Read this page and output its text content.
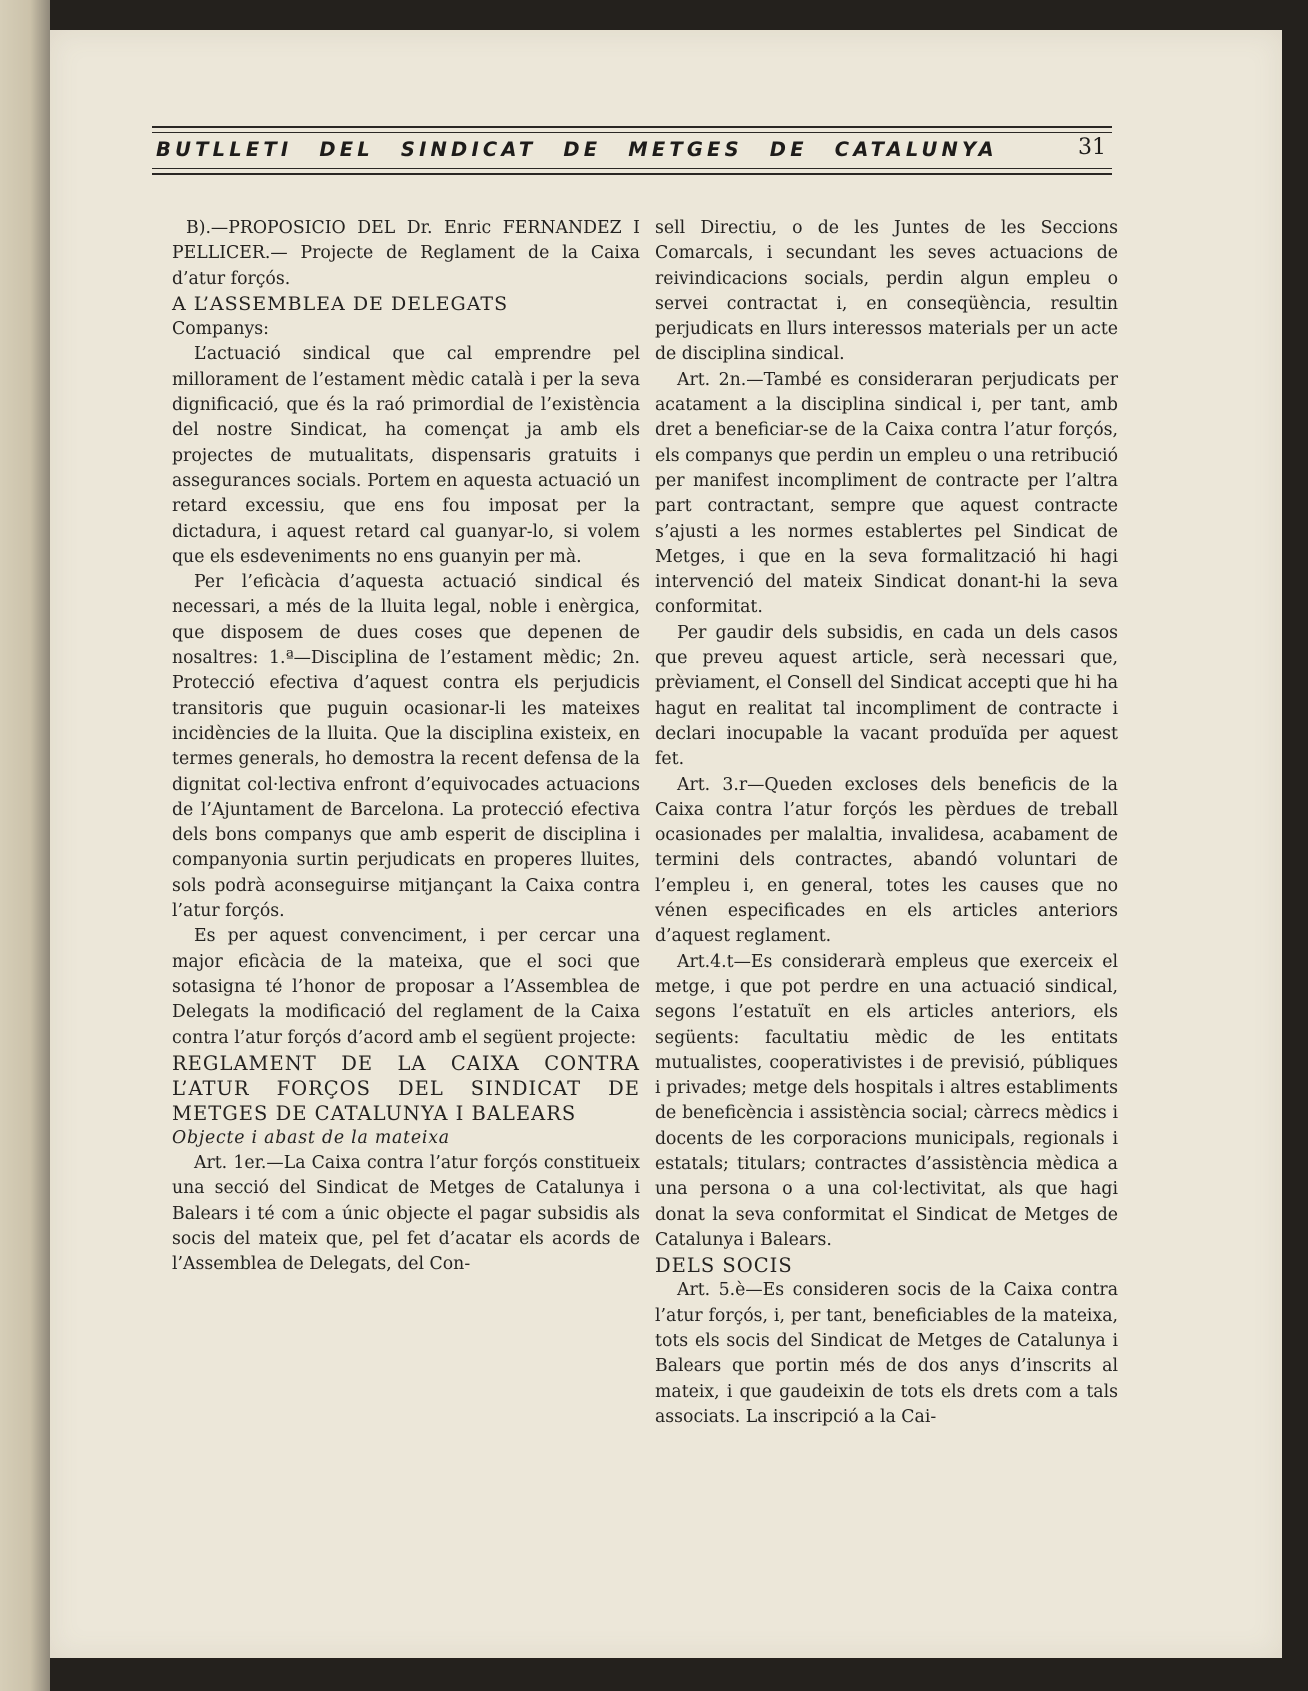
BUTLLETI DEL SINDICAT DE METGES DE CATALUNYA	31

B).—PROPOSICIO DEL Dr. Enric FERNANDEZ I PELLICER.— Projecte de Reglament de la Caixa d’atur forçós.

A L’ASSEMBLEA DE DELEGATS

Companys:

L’actuació sindical que cal emprendre pel millorament de l’estament mèdic català i per la seva dignificació, que és la raó primordial de l’existència del nostre Sindicat, ha començat ja amb els projectes de mutualitats, dispensaris gratuits i assegurances socials. Portem en aquesta actuació un retard excessiu, que ens fou imposat per la dictadura, i aquest retard cal guanyar-lo, si volem que els esdeveniments no ens guanyin per mà.

Per l’eficàcia d’aquesta actuació sindical és necessari, a més de la lluita legal, noble i enèrgica, que disposem de dues coses que depenen de nosaltres: 1.ª—Disciplina de l’estament mèdic; 2n. Protecció efectiva d’aquest contra els perjudicis transitoris que puguin ocasionar-li les mateixes incidències de la lluita. Que la disciplina existeix, en termes generals, ho demostra la recent defensa de la dignitat col·lectiva enfront d’equivocades actuacions de l’Ajuntament de Barcelona. La protecció efectiva dels bons companys que amb esperit de disciplina i companyonia surtin perjudicats en properes lluites, sols podrà aconseguirse mitjançant la Caixa contra l’atur forçós.

Es per aquest convenciment, i per cercar una major eficàcia de la mateixa, que el soci que sotasigna té l’honor de proposar a l’Assemblea de Delegats la modificació del reglament de la Caixa contra l’atur forçós d’acord amb el següent projecte:

REGLAMENT DE LA CAIXA CONTRA L’ATUR FORÇOS DEL SINDICAT DE METGES DE CATALUNYA I BALEARS

Objecte i abast de la mateixa

Art. 1er.—La Caixa contra l’atur forçós constitueix una secció del Sindicat de Metges de Catalunya i Balears i té com a únic objecte el pagar subsidis als socis del mateix que, pel fet d’acatar els acords de l’Assemblea de Delegats, del Con-

sell Directiu, o de les Juntes de les Seccions Comarcals, i secundant les seves actuacions de reivindicacions socials, perdin algun empleu o servei contractat i, en conseqüència, resultin perjudicats en llurs interessos materials per un acte de disciplina sindical.

Art. 2n.—També es consideraran perjudicats per acatament a la disciplina sindical i, per tant, amb dret a beneficiar-se de la Caixa contra l’atur forçós, els companys que perdin un empleu o una retribució per manifest incompliment de contracte per l’altra part contractant, sempre que aquest contracte s’ajusti a les normes establertes pel Sindicat de Metges, i que en la seva formalització hi hagi intervenció del mateix Sindicat donant-hi la seva conformitat.

Per gaudir dels subsidis, en cada un dels casos que preveu aquest article, serà necessari que, prèviament, el Consell del Sindicat accepti que hi ha hagut en realitat tal incompliment de contracte i declari inocupable la vacant produïda per aquest fet.

Art. 3.r—Queden excloses dels beneficis de la Caixa contra l’atur forçós les pèrdues de treball ocasionades per malaltia, invalidesa, acabament de termini dels contractes, abandó voluntari de l’empleu i, en general, totes les causes que no vénen especificades en els articles anteriors d’aquest reglament.

Art.4.t—Es considerarà empleus que exerceix el metge, i que pot perdre en una actuació sindical, segons l’estatuït en els articles anteriors, els següents: facultatiu mèdic de les entitats mutualistes, cooperativistes i de previsió, públiques i privades; metge dels hospitals i altres establiments de beneficència i assistència social; càrrecs mèdics i docents de les corporacions municipals, regionals i estatals; titulars; contractes d’assistència mèdica a una persona o a una col·lectivitat, als que hagi donat la seva conformitat el Sindicat de Metges de Catalunya i Balears.

DELS SOCIS

Art. 5.è—Es consideren socis de la Caixa contra l’atur forçós, i, per tant, beneficiables de la mateixa, tots els socis del Sindicat de Metges de Catalunya i Balears que portin més de dos anys d’inscrits al mateix, i que gaudeixin de tots els drets com a tals associats. La inscripció a la Cai-
